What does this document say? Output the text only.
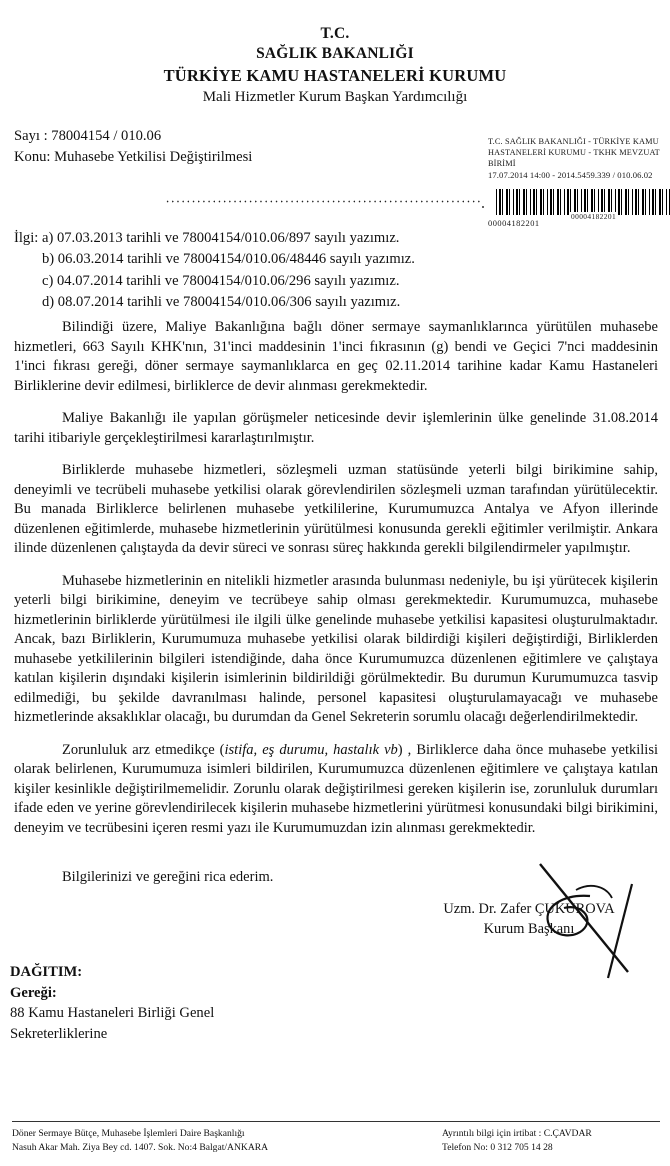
T.C.
SAĞLIK BAKANLIĞI
TÜRKİYE KAMU HASTANELERİ KURUMU
Mali Hizmetler Kurum Başkan Yardımcılığı
Sayı : 78004154 / 010.06
Konu: Muhasebe Yetkilisi Değiştirilmesi
T.C. SAĞLIK BAKANLIĞI - TÜRKİYE KAMU
HASTANELERİ KURUMU - TKHK MEVZUAT
BİRİMİ
17.07.2014 14:00 - 2014.5459.339 / 010.06.02
00004182201
00004182201
İlgi: a) 07.03.2013 tarihli ve 78004154/010.06/897 sayılı yazımız.
b) 06.03.2014 tarihli ve 78004154/010.06/48446 sayılı yazımız.
c) 04.07.2014 tarihli ve 78004154/010.06/296 sayılı yazımız.
d) 08.07.2014 tarihli ve 78004154/010.06/306 sayılı yazımız.

Bilindiği üzere, Maliye Bakanlığına bağlı döner sermaye saymanlıklarınca yürütülen muhasebe hizmetleri, 663 Sayılı KHK'nın, 31'inci maddesinin 1'inci fıkrasının (g) bendi ve Geçici 7'nci maddesinin 1'inci fıkrası gereği, döner sermaye saymanlıklarca en geç 02.11.2014 tarihine kadar Kamu Hastaneleri Birliklerine devir edilmesi, birliklerce de devir alınması gerekmektedir.

Maliye Bakanlığı ile yapılan görüşmeler neticesinde devir işlemlerinin ülke genelinde 31.08.2014 tarihi itibariyle gerçekleştirilmesi kararlaştırılmıştır.

Birliklerde muhasebe hizmetleri, sözleşmeli uzman statüsünde yeterli bilgi birikimine sahip, deneyimli ve tecrübeli muhasebe yetkilisi olarak görevlendirilen sözleşmeli uzman tarafından yürütülecektir. Bu manada Birliklerce belirlenen muhasebe yetkililerine, Kurumumuzca Antalya ve Afyon illerinde düzenlenen eğitimlerde, muhasebe hizmetlerinin yürütülmesi konusunda gerekli eğitimler verilmiştir. Ankara ilinde düzenlenen çalıştayda da devir süreci ve sonrası süreç hakkında gerekli bilgilendirmeler yapılmıştır.

Muhasebe hizmetlerinin en nitelikli hizmetler arasında bulunması nedeniyle, bu işi yürütecek kişilerin yeterli bilgi birikimine, deneyim ve tecrübeye sahip olması gerekmektedir. Kurumumuzca, muhasebe hizmetlerinin birliklerde yürütülmesi ile ilgili ülke genelinde muhasebe yetkilisi kapasitesi oluşturulmaktadır. Ancak, bazı Birliklerin, Kurumumuza muhasebe yetkilisi olarak bildirdiği kişileri değiştirdiği, Birliklerden muhasebe yetkililerinin bilgileri istendiğinde, daha önce Kurumumuzca düzenlenen eğitimlere ve çalıştaya katılan kişilerin dışındaki kişilerin isimlerinin bildirildiği görülmektedir. Bu durumun Kurumumuzca tasvip edilmediği, bu şekilde davranılması halinde, personel kapasitesi oluşturulamayacağı ve muhasebe hizmetlerinde aksaklıklar olacağı, bu durumdan da Genel Sekreterin sorumlu olacağı değerlendirilmektedir.

Zorunluluk arz etmedikçe (istifa, eş durumu, hastalık vb) , Birliklerce daha önce muhasebe yetkilisi olarak belirlenen, Kurumumuza isimleri bildirilen, Kurumumuzca düzenlenen eğitimlere ve çalıştaya katılan kişiler kesinlikle değiştirilmemelidir. Zorunlu olarak değiştirilmesi gereken kişilerin ise, zorunluluk durumları ifade eden ve yerine görevlendirilecek kişilerin muhasebe hizmetlerini yürütmesi konusundaki bilgi birikimini, deneyim ve tecrübesini içeren resmi yazı ile Kurumumuzdan izin alınması gerekmektedir.

Bilgilerinizi ve gereğini rica ederim.
Uzm. Dr. Zafer ÇUKUROVA
Kurum Başkanı
DAĞITIM:
Gereği:
88 Kamu Hastaneleri Birliği Genel
Sekreterliklerine
Döner Sermaye Bütçe, Muhasebe İşlemleri Daire Başkanlığı
Nasuh Akar Mah. Ziya Bey cd. 1407. Sok. No:4 Balgat/ANKARA
Ayrıntılı bilgi için irtibat : C.ÇAVDAR
Telefon No: 0 312 705 14 28
